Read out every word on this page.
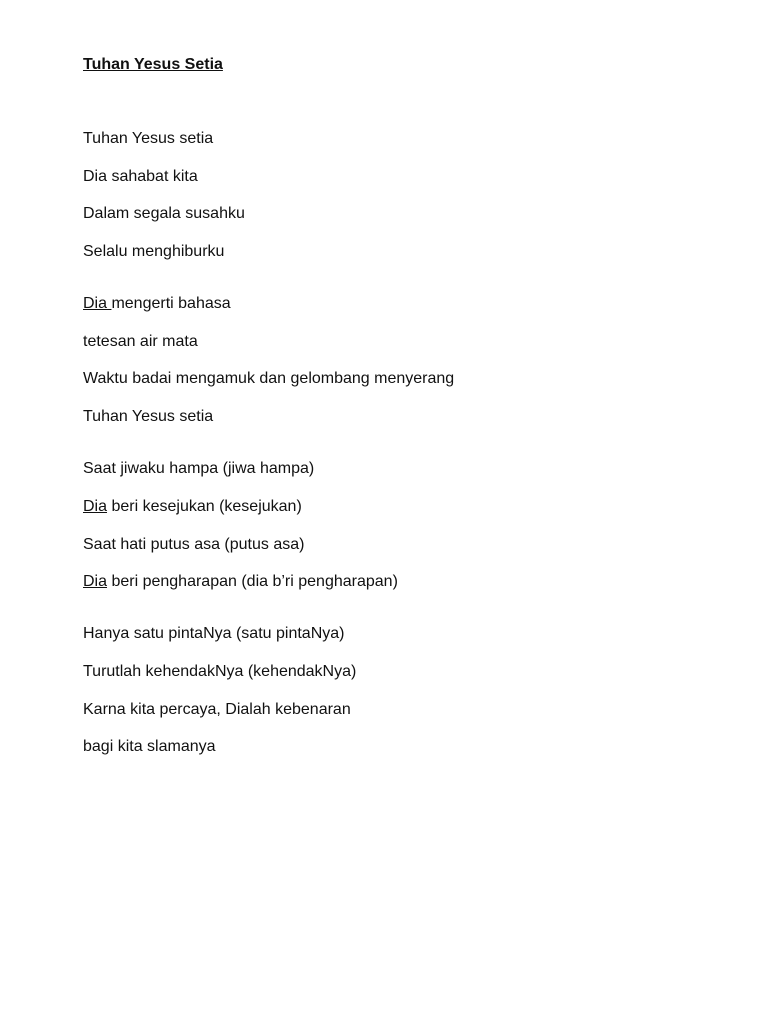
Tuhan Yesus Setia

Tuhan Yesus setia
Dia sahabat kita
Dalam segala susahku
Selalu menghiburku
Dia mengerti bahasa
tetesan air mata
Waktu badai mengamuk dan gelombang menyerang
Tuhan Yesus setia
Saat jiwaku hampa (jiwa hampa)
Dia beri kesejukan (kesejukan)
Saat hati putus asa (putus asa)
Dia beri pengharapan (dia b’ri pengharapan)
Hanya satu pintaNya (satu pintaNya)
Turutlah kehendakNya (kehendakNya)
Karna kita percaya, Dialah kebenaran
bagi kita slamanya
